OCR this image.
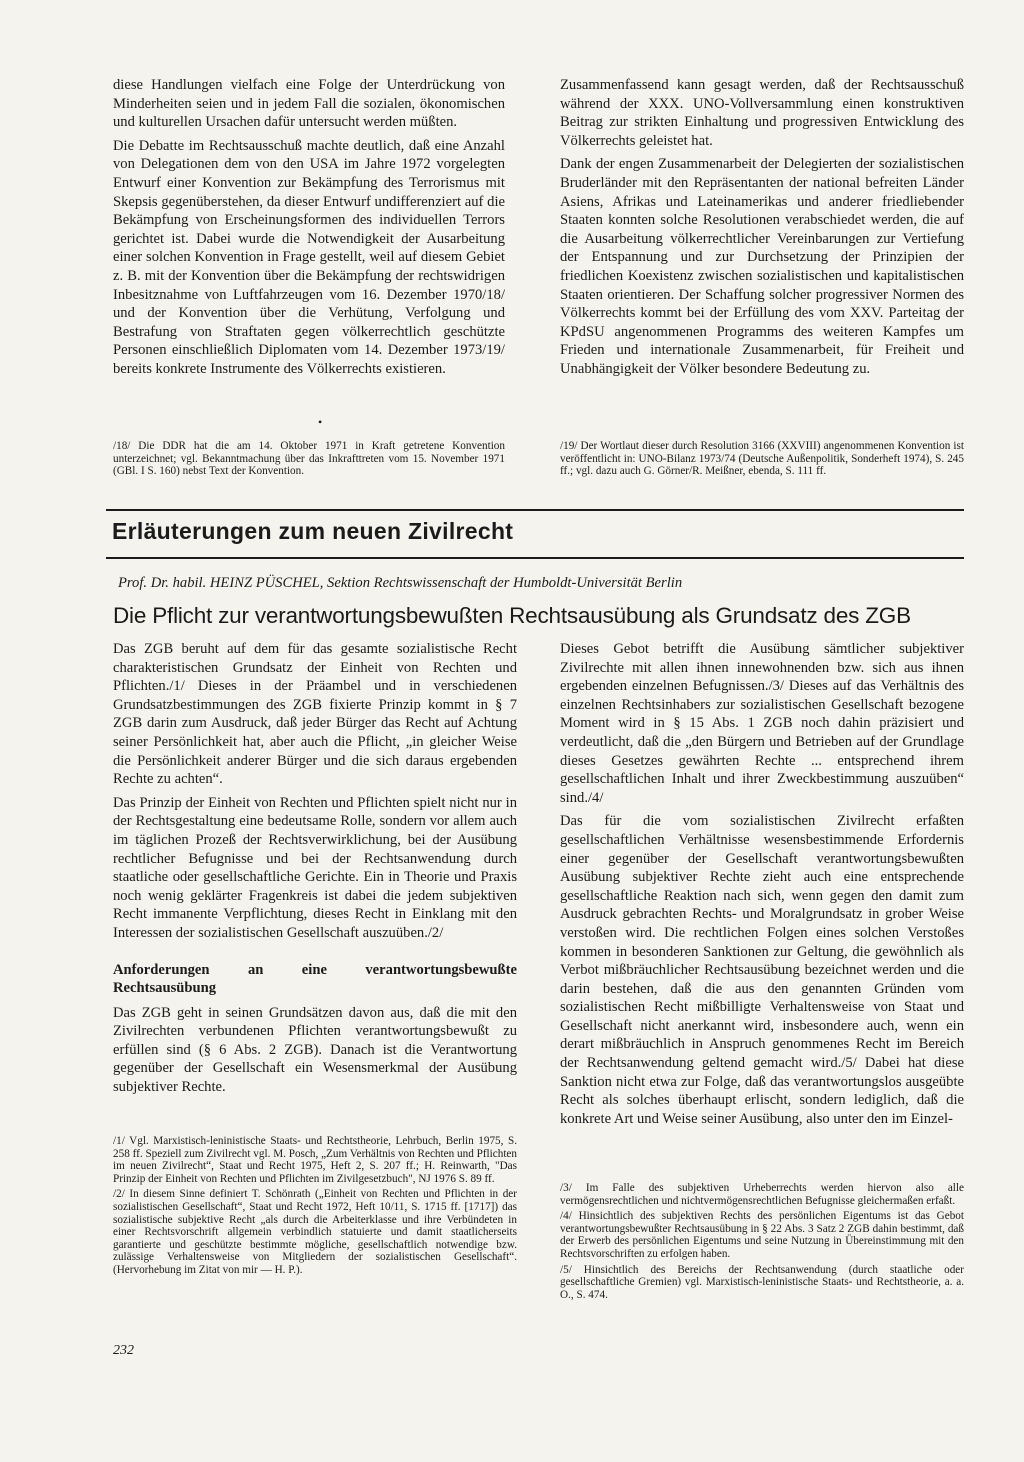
diese Handlungen vielfach eine Folge der Unterdrückung von Minderheiten seien und in jedem Fall die sozialen, ökonomischen und kulturellen Ursachen dafür untersucht werden müßten.

Die Debatte im Rechtsausschuß machte deutlich, daß eine Anzahl von Delegationen dem von den USA im Jahre 1972 vorgelegten Entwurf einer Konvention zur Bekämpfung des Terrorismus mit Skepsis gegenüberstehen, da dieser Entwurf undifferenziert auf die Bekämpfung von Erscheinungsformen des individuellen Terrors gerichtet ist. Dabei wurde die Notwendigkeit der Ausarbeitung einer solchen Konvention in Frage gestellt, weil auf diesem Gebiet z. B. mit der Konvention über die Bekämpfung der rechtswidrigen Inbesitznahme von Luftfahrzeugen vom 16. Dezember 1970/18/ und der Konvention über die Verhütung, Verfolgung und Bestrafung von Straftaten gegen völkerrechtlich geschützte Personen einschließlich Diplomaten vom 14. Dezember 1973/19/ bereits konkrete Instrumente des Völkerrechts existieren.

•

Zusammenfassend kann gesagt werden, daß der Rechtsausschuß während der XXX. UNO-Vollversammlung einen konstruktiven Beitrag zur strikten Einhaltung und progressiven Entwicklung des Völkerrechts geleistet hat.

Dank der engen Zusammenarbeit der Delegierten der sozialistischen Bruderländer mit den Repräsentanten der national befreiten Länder Asiens, Afrikas und Lateinamerikas und anderer friedliebender Staaten konnten solche Resolutionen verabschiedet werden, die auf die Ausarbeitung völkerrechtlicher Vereinbarungen zur Vertiefung der Entspannung und zur Durchsetzung der Prinzipien der friedlichen Koexistenz zwischen sozialistischen und kapitalistischen Staaten orientieren. Der Schaffung solcher progressiver Normen des Völkerrechts kommt bei der Erfüllung des vom XXV. Parteitag der KPdSU angenommenen Programms des weiteren Kampfes um Frieden und internationale Zusammenarbeit, für Freiheit und Unabhängigkeit der Völker besondere Bedeutung zu.

/18/ Die DDR hat die am 14. Oktober 1971 in Kraft getretene Konvention unterzeichnet; vgl. Bekanntmachung über das Inkrafttreten vom 15. November 1971 (GBl. I S. 160) nebst Text der Konvention.

/19/ Der Wortlaut dieser durch Resolution 3166 (XXVIII) angenommenen Konvention ist veröffentlicht in: UNO-Bilanz 1973/74 (Deutsche Außenpolitik, Sonderheft 1974), S. 245 ff.; vgl. dazu auch G. Görner/R. Meißner, ebenda, S. 111 ff.

Erläuterungen zum neuen Zivilrecht

Prof. Dr. habil. HEINZ PÜSCHEL, Sektion Rechtswissenschaft der Humboldt-Universität Berlin

Die Pflicht zur verantwortungsbewußten Rechtsausübung als Grundsatz des ZGB

Das ZGB beruht auf dem für das gesamte sozialistische Recht charakteristischen Grundsatz der Einheit von Rechten und Pflichten./1/ Dieses in der Präambel und in verschiedenen Grundsatzbestimmungen des ZGB fixierte Prinzip kommt in § 7 ZGB darin zum Ausdruck, daß jeder Bürger das Recht auf Achtung seiner Persönlichkeit hat, aber auch die Pflicht, „in gleicher Weise die Persönlichkeit anderer Bürger und die sich daraus ergebenden Rechte zu achten“.

Das Prinzip der Einheit von Rechten und Pflichten spielt nicht nur in der Rechtsgestaltung eine bedeutsame Rolle, sondern vor allem auch im täglichen Prozeß der Rechtsverwirklichung, bei der Ausübung rechtlicher Befugnisse und bei der Rechtsanwendung durch staatliche oder gesellschaftliche Gerichte. Ein in Theorie und Praxis noch wenig geklärter Fragenkreis ist dabei die jedem subjektiven Recht immanente Verpflichtung, dieses Recht in Einklang mit den Interessen der sozialistischen Gesellschaft auszuüben./2/

Anforderungen an eine verantwortungsbewußte Rechtsausübung

Das ZGB geht in seinen Grundsätzen davon aus, daß die mit den Zivilrechten verbundenen Pflichten verantwortungsbewußt zu erfüllen sind (§ 6 Abs. 2 ZGB). Danach ist die Verantwortung gegenüber der Gesellschaft ein Wesensmerkmal der Ausübung subjektiver Rechte.

Dieses Gebot betrifft die Ausübung sämtlicher subjektiver Zivilrechte mit allen ihnen innewohnenden bzw. sich aus ihnen ergebenden einzelnen Befugnissen./3/ Dieses auf das Verhältnis des einzelnen Rechtsinhabers zur sozialistischen Gesellschaft bezogene Moment wird in § 15 Abs. 1 ZGB noch dahin präzisiert und verdeutlicht, daß die „den Bürgern und Betrieben auf der Grundlage dieses Gesetzes gewährten Rechte ... entsprechend ihrem gesellschaftlichen Inhalt und ihrer Zweckbestimmung auszuüben“ sind./4/

Das für die vom sozialistischen Zivilrecht erfaßten gesellschaftlichen Verhältnisse wesensbestimmende Erfordernis einer gegenüber der Gesellschaft verantwortungsbewußten Ausübung subjektiver Rechte zieht auch eine entsprechende gesellschaftliche Reaktion nach sich, wenn gegen den damit zum Ausdruck gebrachten Rechts- und Moralgrundsatz in grober Weise verstoßen wird. Die rechtlichen Folgen eines solchen Verstoßes kommen in besonderen Sanktionen zur Geltung, die gewöhnlich als Verbot mißbräuchlicher Rechtsausübung bezeichnet werden und die darin bestehen, daß die aus den genannten Gründen vom sozialistischen Recht mißbilligte Verhaltensweise von Staat und Gesellschaft nicht anerkannt wird, insbesondere auch, wenn ein derart mißbräuchlich in Anspruch genommenes Recht im Bereich der Rechtsanwendung geltend gemacht wird./5/ Dabei hat diese Sanktion nicht etwa zur Folge, daß das verantwortungslos ausgeübte Recht als solches überhaupt erlischt, sondern lediglich, daß die konkrete Art und Weise seiner Ausübung, also unter den im Einzel-

/1/ Vgl. Marxistisch-leninistische Staats- und Rechtstheorie, Lehrbuch, Berlin 1975, S. 258 ff. Speziell zum Zivilrecht vgl. M. Posch, „Zum Verhältnis von Rechten und Pflichten im neuen Zivilrecht“, Staat und Recht 1975, Heft 2, S. 207 ff.; H. Reinwarth, "Das Prinzip der Einheit von Rechten und Pflichten im Zivilgesetzbuch", NJ 1976 S. 89 ff.

/2/ In diesem Sinne definiert T. Schönrath („Einheit von Rechten und Pflichten in der sozialistischen Gesellschaft“, Staat und Recht 1972, Heft 10/11, S. 1715 ff. [1717]) das sozialistische subjektive Recht „als durch die Arbeiterklasse und ihre Verbündeten in einer Rechtsvorschrift allgemein verbindlich statuierte und damit staatlicherseits garantierte und geschützte bestimmte mögliche, gesellschaftlich notwendige bzw. zulässige Verhaltensweise von Mitgliedern der sozialistischen Gesellschaft“. (Hervorhebung im Zitat von mir — H. P.).

/3/ Im Falle des subjektiven Urheberrechts werden hiervon also alle vermögensrechtlichen und nichtvermögensrechtlichen Befugnisse gleichermaßen erfaßt.

/4/ Hinsichtlich des subjektiven Rechts des persönlichen Eigentums ist das Gebot verantwortungsbewußter Rechtsausübung in § 22 Abs. 3 Satz 2 ZGB dahin bestimmt, daß der Erwerb des persönlichen Eigentums und seine Nutzung in Übereinstimmung mit den Rechtsvorschriften zu erfolgen haben.

/5/ Hinsichtlich des Bereichs der Rechtsanwendung (durch staatliche oder gesellschaftliche Gremien) vgl. Marxistisch-leninistische Staats- und Rechtstheorie, a. a. O., S. 474.

232
